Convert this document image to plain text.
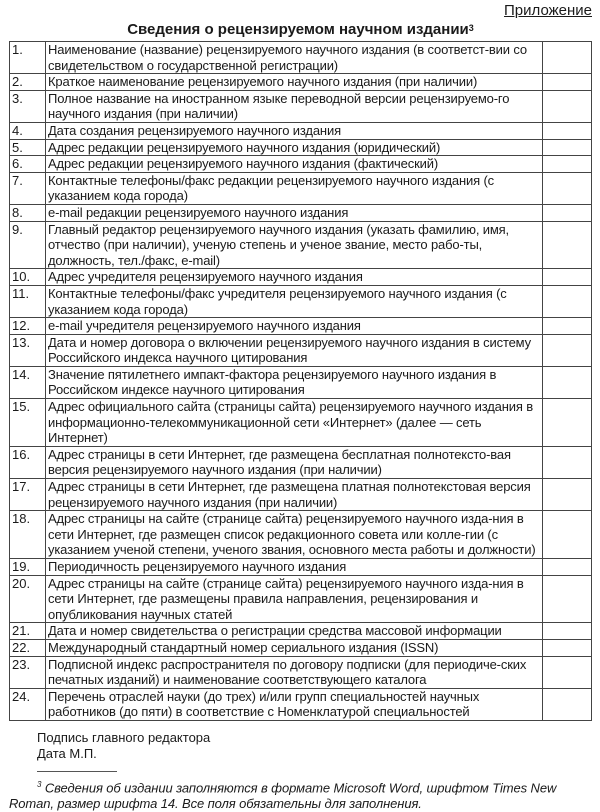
Приложение
Сведения о рецензируемом научном издании$^3$
1.	Наименование (название) рецензируемого научного издания (в соответст-вии со свидетельством о государственной регистрации)	
2.	Краткое наименование рецензируемого научного издания (при наличии)	
3.	Полное название на иностранном языке переводной версии рецензируемо-го научного издания (при наличии)	
4.	Дата создания рецензируемого научного издания	
5.	Адрес редакции рецензируемого научного издания (юридический)	
6.	Адрес редакции рецензируемого научного издания (фактический)	
7.	Контактные телефоны/факс редакции рецензируемого научного издания (с указанием кода города)	
8.	e-mail редакции рецензируемого научного издания	
9.	Главный редактор рецензируемого научного издания (указать фамилию, имя, отчество (при наличии), ученую степень и ученое звание, место рабо-ты, должность, тел./факс, e-mail)	
10.	Адрес учредителя рецензируемого научного издания	
11.	Контактные телефоны/факс учредителя рецензируемого научного издания (с указанием кода города)	
12.	e-mail учредителя рецензируемого научного издания	
13.	Дата и номер договора о включении рецензируемого научного издания в систему Российского индекса научного цитирования	
14.	Значение пятилетнего импакт-фактора рецензируемого научного издания в Российском индексе научного цитирования	
15.	Адрес официального сайта (страницы сайта) рецензируемого научного издания в информационно-телекоммуникационной сети «Интернет» (далее — сеть Интернет)	
16.	Адрес страницы в сети Интернет, где размещена бесплатная полнотексто-вая версия рецензируемого научного издания (при наличии)	
17.	Адрес страницы в сети Интернет, где размещена платная полнотекстовая версия рецензируемого научного издания (при наличии)	
18.	Адрес страницы на сайте (странице сайта) рецензируемого научного изда-ния в сети Интернет, где размещен список редакционного совета или колле-гии (с указанием ученой степени, ученого звания, основного места работы и должности)	
19.	Периодичность рецензируемого научного издания	
20.	Адрес страницы на сайте (странице сайта) рецензируемого научного изда-ния в сети Интернет, где размещены правила направления, рецензирования и опубликования научных статей	
21.	Дата и номер свидетельства о регистрации средства массовой информации	
22.	Международный стандартный номер сериального издания (ISSN)	
23.	Подписной индекс распространителя по договору подписки (для периодиче-ских печатных изданий) и наименование соответствующего каталога	
24.	Перечень отраслей науки (до трех) и/или групп специальностей научных работников (до пяти) в соответствие с Номенклатурой специальностей	
Подпись главного редактора
Дата М.П.
$^3$ Сведения об издании заполняются в формате Microsoft Word, шрифтом Times New Roman, размер шрифта 14. Все поля обязательны для заполнения.
